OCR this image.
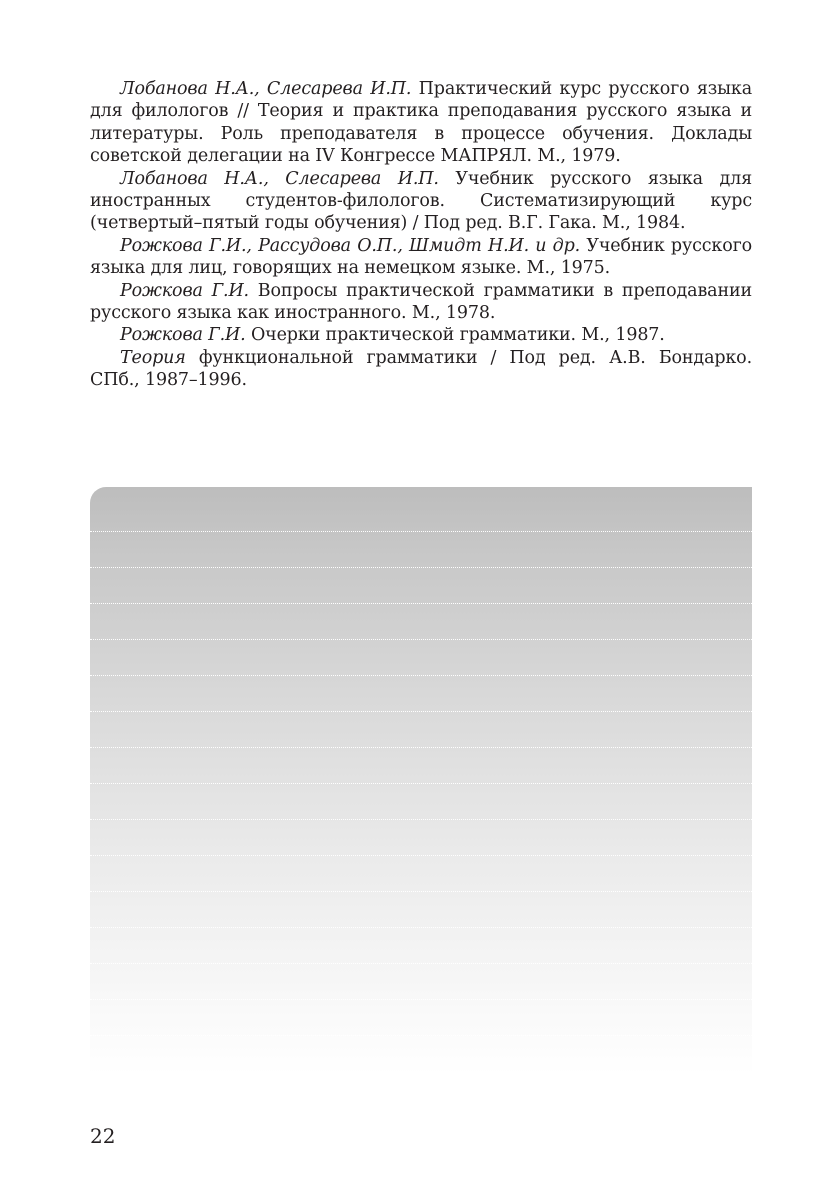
Лобанова Н.А., Слесарева И.П. Практический курс русского языка для филологов // Теория и практика преподавания русского языка и литературы. Роль преподавателя в процессе обучения. Доклады советской делегации на IV Конгрессе МАПРЯЛ. М., 1979.

Лобанова Н.А., Слесарева И.П. Учебник русского языка для иностранных студентов-филологов. Систематизирующий курс (четвертый–пятый годы обучения) / Под ред. В.Г. Гака. М., 1984.

Рожкова Г.И., Рассудова О.П., Шмидт Н.И. и др. Учебник русского языка для лиц, говорящих на немецком языке. М., 1975.

Рожкова Г.И. Вопросы практической грамматики в преподавании русского языка как иностранного. М., 1978.

Рожкова Г.И. Очерки практической грамматики. М., 1987.

Теория функциональной грамматики / Под ред. А.В. Бондарко. СПб., 1987–1996.

22
